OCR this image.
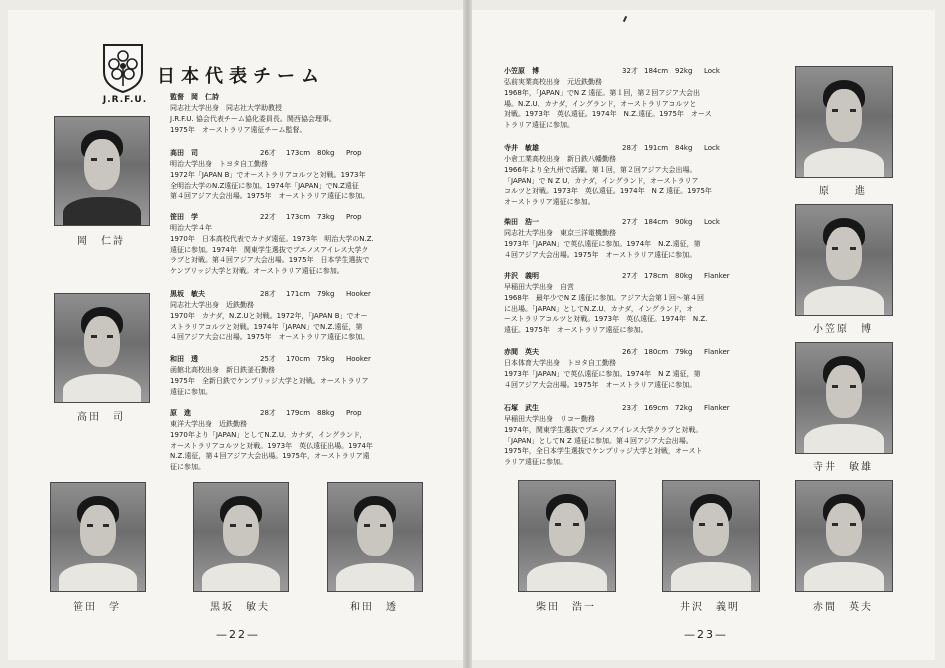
J.R.F.U.
日本代表チーム
岡　仁詩
高田　司
笹田　学	黒坂　敏夫	和田　透
監督　岡　仁詩
同志社大学出身　同志社大学助教授
J.R.F.U. 協会代表チーム協化委員長。関西協会理事。
1975年　オーストラリア遠征チーム監督。
高田　司	26才 173cm　80kg Prop
明治大学出身　トヨタ自工勤務
1972年「JAPAN B」でオーストラリアコルツと対戦。1973年
全明治大学のN.Z遠征に参加。1974年「JAPAN」でN.Z遠征
第４回アジア大会出場。1975年　オーストラリア遠征に参加。
笹田　学	22才 173cm　73kg Prop
明治大学４年
1970年　日本高校代表でカナダ遠征。1973年　明治大学のN.Z.
遠征に参加。1974年　関東学生選抜でブエノスアイレス大学ク
ラブと対戦。第４回アジア大会出場。1975年　日本学生選抜で
ケンブリッジ大学と対戦。オーストラリア遠征に参加。
黒坂　敏夫	28才 171cm　79kg Hooker
同志社大学出身　近鉄勤務
1970年　カナダ，N.Z.Uと対戦。1972年，「JAPAN B」でオー
ストラリアコルツと対戦。1974年「JAPAN」でN.Z.遠征，第
４回アジア大会に出場。1975年　オーストラリア遠征に参加。
和田　透	25才 170cm　75kg Hooker
函館北高校出身　新日鉄釜石勤務
1975年　全新日鉄でケンブリッジ大学と対戦。オーストラリア
遠征に参加。
原　進	28才 179cm　88kg Prop
東洋大学出身　近鉄勤務
1970年より「JAPAN」としてN.Z.U．カナダ，イングランド，
オーストラリアコルツと対戦。1973年　英仏遠征出場。1974年
N.Z.遠征，第４回アジア大会出場。1975年，オーストラリア遠
征に参加。
—22—
小笠原　博	32才 184cm　92kg Lock
弘前実業高校出身　元近鉄勤務
1968年，「JAPAN」でN Z 遠征。第１回，第２回アジア大会出
場。N.Z.U．カナダ，イングランド，オーストラリアコルツと
対戦。1973年　英仏遠征。1974年　N.Z.遠征。1975年　オース
トラリア遠征に参加。
寺井　敏雄	28才 191cm　84kg Lock
小倉工業高校出身　新日鉄八幡勤務
1966年より全九州で活躍。第１回，第２回アジア大会出場。
「JAPAN」で N Z U．カナダ，イングランド，オーストラリア
コルツと対戦。1973年　英仏遠征。1974年　N Z 遠征。1975年
オーストラリア遠征に参加。
柴田　浩一	27才 184cm　90kg Lock
同志社大学出身　東京三洋電機勤務
1973年「JAPAN」で英仏遠征に参加。1974年　N.Z.遠征，第
４回アジア大会出場。1975年　オーストラリア遠征に参加。
井沢　義明	27才 178cm　80kg Flanker
早稲田大学出身　自営
1968年　最年少でN Z 遠征に参加。アジア大会第１回〜第４回
に出場。「JAPAN」としてN.Z.U．カナダ，イングランド，オ
ーストラリアコルツと対戦。1973年　英仏遠征。1974年　N.Z.
遠征。1975年　オーストラリア遠征に参加。
赤間　英夫	26才 180cm　79kg Flanker
日本体育大学出身　トヨタ自工勤務
1973年「JAPAN」で英仏遠征に参加。1974年　N Z 遠征，第
４回アジア大会出場。1975年　オーストラリア遠征に参加。
石塚　武生	23才 169cm　72kg Flanker
早稲田大学出身　リコー勤務
1974年，関東学生選抜でブエノスアイレス大学クラブと対戦。
「JAPAN」としてN Z 遠征に参加。第４回アジア大会出場。
1975年，全日本学生選抜でケンブリッジ大学と対戦，オースト
ラリア遠征に参加。
原　　進
小笠原　博
寺井　敏雄
柴田　浩一	井沢　義明	赤間　英夫
—23—
